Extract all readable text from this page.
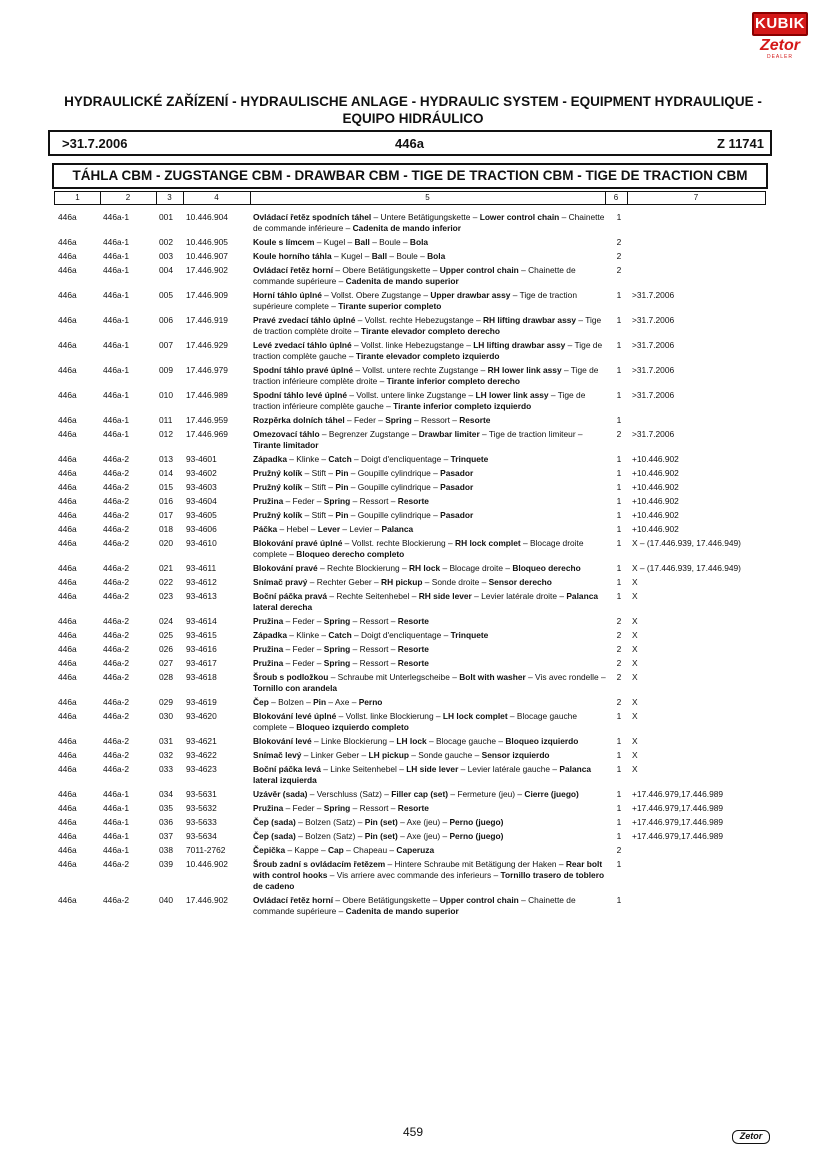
KUBIK
Zetor
DEALER
HYDRAULICKÉ ZAŘÍZENÍ - HYDRAULISCHE ANLAGE - HYDRAULIC SYSTEM - EQUIPMENT HYDRAULIQUE -
EQUIPO HIDRÁULICO
>31.7.2006	446a	Z 11741
TÁHLA CBM - ZUGSTANGE CBM - DRAWBAR CBM - TIGE DE TRACTION CBM - TIGE DE TRACTION CBM
1	2	3	4	5	6	7
446a	446a-1	001	10.446.904	Ovládací řetěz spodních táhel – Untere Betätigungskette – Lower control chain – Chainette de commande inférieure – Cadenita de mando inferior	1	
446a	446a-1	002	10.446.905	Koule s límcem – Kugel – Ball – Boule – Bola	2	
446a	446a-1	003	10.446.907	Koule horního táhla – Kugel – Ball – Boule – Bola	2	
446a	446a-1	004	17.446.902	Ovládací řetěz horní – Obere Betätigungskette – Upper control chain – Chainette de commande supérieure – Cadenita de mando superior	2	
446a	446a-1	005	17.446.909	Horní táhlo úplné – Vollst. Obere Zugstange – Upper drawbar assy – Tige de traction supérieure complete – Tirante superior completo	1	>31.7.2006
446a	446a-1	006	17.446.919	Pravé zvedací táhlo úplné – Vollst. rechte Hebezugstange – RH lifting drawbar assy – Tige de traction complète droite – Tirante elevador completo derecho	1	>31.7.2006
446a	446a-1	007	17.446.929	Levé zvedací táhlo úplné – Vollst. linke Hebezugstange – LH lifting drawbar assy – Tige de traction complète gauche – Tirante elevador completo izquierdo	1	>31.7.2006
446a	446a-1	009	17.446.979	Spodní táhlo pravé úplné – Vollst. untere rechte Zugstange – RH lower link assy – Tige de traction inférieure complète droite – Tirante inferior completo derecho	1	>31.7.2006
446a	446a-1	010	17.446.989	Spodní táhlo levé úplné – Vollst. untere linke Zugstange – LH lower link assy – Tige de traction inférieure complète gauche – Tirante inferior completo izquierdo	1	>31.7.2006
446a	446a-1	011	17.446.959	Rozpěrka dolních táhel – Feder – Spring – Ressort – Resorte	1	
446a	446a-1	012	17.446.969	Omezovací táhlo – Begrenzer Zugstange – Drawbar limiter – Tige de traction limiteur – Tirante limitador	2	>31.7.2006
446a	446a-2	013	93-4601	Západka – Klinke – Catch – Doigt d'encliquentage – Trinquete	1	+10.446.902
446a	446a-2	014	93-4602	Pružný kolík – Stift – Pin – Goupille cylindrique – Pasador	1	+10.446.902
446a	446a-2	015	93-4603	Pružný kolík – Stift – Pin – Goupille cylindrique – Pasador	1	+10.446.902
446a	446a-2	016	93-4604	Pružina – Feder – Spring – Ressort – Resorte	1	+10.446.902
446a	446a-2	017	93-4605	Pružný kolík – Stift – Pin – Goupille cylindrique – Pasador	1	+10.446.902
446a	446a-2	018	93-4606	Páčka – Hebel – Lever – Levier – Palanca	1	+10.446.902
446a	446a-2	020	93-4610	Blokování pravé úplné – Vollst. rechte Blockierung – RH lock complet – Blocage droite complete – Bloqueo derecho completo	1	X – (17.446.939, 17.446.949)
446a	446a-2	021	93-4611	Blokování pravé – Rechte Blockierung – RH lock – Blocage droite – Bloqueo derecho	1	X – (17.446.939, 17.446.949)
446a	446a-2	022	93-4612	Snímač pravý – Rechter Geber – RH pickup – Sonde droite – Sensor derecho	1	X
446a	446a-2	023	93-4613	Boční páčka pravá – Rechte Seitenhebel – RH side lever – Levier latérale droite – Palanca lateral derecha	1	X
446a	446a-2	024	93-4614	Pružina – Feder – Spring – Ressort – Resorte	2	X
446a	446a-2	025	93-4615	Západka – Klinke – Catch – Doigt d'encliquentage – Trinquete	2	X
446a	446a-2	026	93-4616	Pružina – Feder – Spring – Ressort – Resorte	2	X
446a	446a-2	027	93-4617	Pružina – Feder – Spring – Ressort – Resorte	2	X
446a	446a-2	028	93-4618	Šroub s podložkou – Schraube mit Unterlegscheibe – Bolt with washer – Vis avec rondelle – Tornillo con arandela	2	X
446a	446a-2	029	93-4619	Čep – Bolzen – Pin – Axe – Perno	2	X
446a	446a-2	030	93-4620	Blokování levé úplné – Vollst. linke Blockierung – LH lock complet – Blocage gauche complete – Bloqueo izquierdo completo	1	X
446a	446a-2	031	93-4621	Blokování levé – Linke Blockierung – LH lock – Blocage gauche – Bloqueo izquierdo	1	X
446a	446a-2	032	93-4622	Snímač levý – Linker Geber – LH pickup – Sonde gauche – Sensor izquierdo	1	X
446a	446a-2	033	93-4623	Boční páčka levá – Linke Seitenhebel – LH side lever – Levier latérale gauche – Palanca lateral izquierda	1	X
446a	446a-1	034	93-5631	Uzávěr (sada) – Verschluss (Satz) – Filler cap (set) – Fermeture (jeu) – Cierre (juego)	1	+17.446.979,17.446.989
446a	446a-1	035	93-5632	Pružina – Feder – Spring – Ressort – Resorte	1	+17.446.979,17.446.989
446a	446a-1	036	93-5633	Čep (sada) – Bolzen (Satz) – Pin (set) – Axe (jeu) – Perno (juego)	1	+17.446.979,17.446.989
446a	446a-1	037	93-5634	Čep (sada) – Bolzen (Satz) – Pin (set) – Axe (jeu) – Perno (juego)	1	+17.446.979,17.446.989
446a	446a-1	038	7011-2762	Čepička – Kappe – Cap – Chapeau – Caperuza	2	
446a	446a-2	039	10.446.902	Šroub zadní s ovládacím řetězem – Hintere Schraube mit Betätigung der Haken – Rear bolt with control hooks – Vis arriere avec commande des inferieurs – Tornillo trasero de toblero de cadeno	1	
446a	446a-2	040	17.446.902	Ovládací řetěz horní – Obere Betätigungskette – Upper control chain – Chainette de commande supérieure – Cadenita de mando superior	1	
459	Zetor
